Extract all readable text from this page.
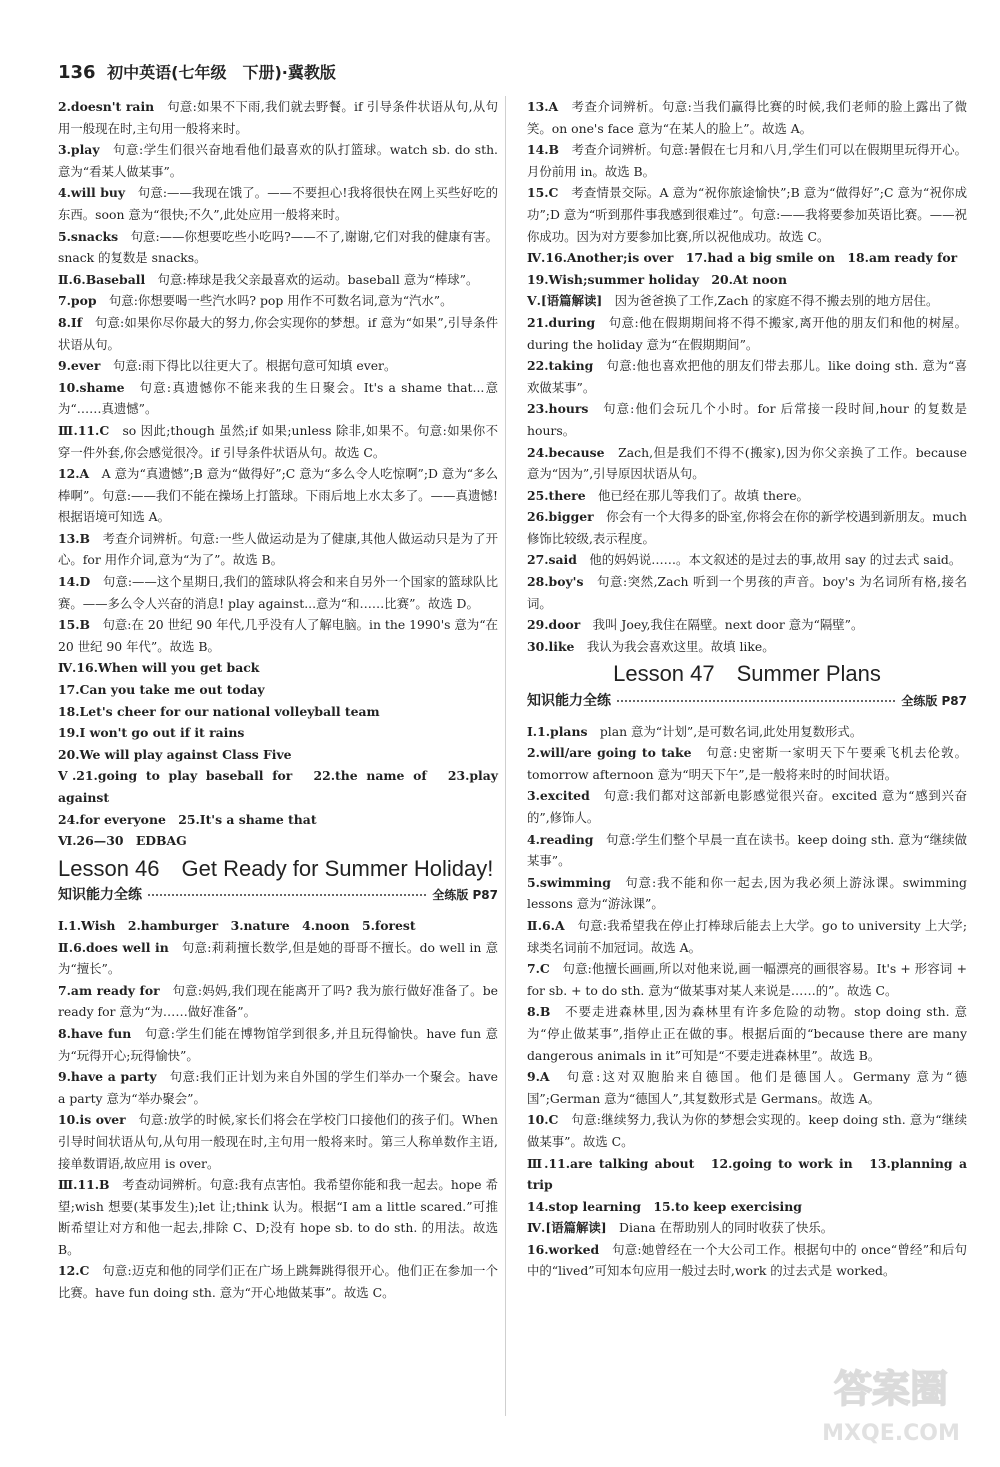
136 初中英语(七年级　下册)·冀教版

2.doesn't rain　句意:如果不下雨,我们就去野餐。if 引导条件状语从句,从句用一般现在时,主句用一般将来时。

3.play　句意:学生们很兴奋地看他们最喜欢的队打篮球。watch sb. do sth. 意为“看某人做某事”。

4.will buy　句意:——我现在饿了。——不要担心!我将很快在网上买些好吃的东西。soon 意为“很快;不久”,此处应用一般将来时。

5.snacks　句意:——你想要吃些小吃吗?——不了,谢谢,它们对我的健康有害。snack 的复数是 snacks。

Ⅱ.6.Baseball　句意:棒球是我父亲最喜欢的运动。baseball 意为“棒球”。

7.pop　句意:你想要喝一些汽水吗? pop 用作不可数名词,意为“汽水”。

8.If　句意:如果你尽你最大的努力,你会实现你的梦想。if 意为“如果”,引导条件状语从句。

9.ever　句意:雨下得比以往更大了。根据句意可知填 ever。

10.shame　句意:真遗憾你不能来我的生日聚会。It's a shame that...意为“……真遗憾”。

Ⅲ.11.C　so 因此;though 虽然;if 如果;unless 除非,如果不。句意:如果你不穿一件外套,你会感觉很冷。if 引导条件状语从句。故选 C。

12.A　A 意为“真遗憾”;B 意为“做得好”;C 意为“多么令人吃惊啊”;D 意为“多么棒啊”。句意:——我们不能在操场上打篮球。下雨后地上水太多了。——真遗憾! 根据语境可知选 A。

13.B　考查介词辨析。句意:一些人做运动是为了健康,其他人做运动只是为了开心。for 用作介词,意为“为了”。故选 B。

14.D　句意:——这个星期日,我们的篮球队将会和来自另外一个国家的篮球队比赛。——多么令人兴奋的消息! play against...意为“和……比赛”。故选 D。

15.B　句意:在 20 世纪 90 年代,几乎没有人了解电脑。in the 1990's 意为“在 20 世纪 90 年代”。故选 B。

Ⅳ.16.When will you get back

17.Can you take me out today

18.Let's cheer for our national volleyball team

19.I won't go out if it rains

20.We will play against Class Five

Ⅴ.21.going to play baseball for　22.the name of　23.play against

24.for everyone　25.It's a shame that

Ⅵ.26—30　EDBAG

Lesson 46　Get Ready for Summer Holiday!
知识能力全练	全练版 P87

Ⅰ.1.Wish　2.hamburger　3.nature　4.noon　5.forest

Ⅱ.6.does well in　句意:莉莉擅长数学,但是她的哥哥不擅长。do well in 意为“擅长”。

7.am ready for　句意:妈妈,我们现在能离开了吗? 我为旅行做好准备了。be ready for 意为“为……做好准备”。

8.have fun　句意:学生们能在博物馆学到很多,并且玩得愉快。have fun 意为“玩得开心;玩得愉快”。

9.have a party　句意:我们正计划为来自外国的学生们举办一个聚会。have a party 意为“举办聚会”。

10.is over　句意:放学的时候,家长们将会在学校门口接他们的孩子们。When 引导时间状语从句,从句用一般现在时,主句用一般将来时。第三人称单数作主语,接单数谓语,故应用 is over。

Ⅲ.11.B　考查动词辨析。句意:我有点害怕。我希望你能和我一起去。hope 希望;wish 想要(某事发生);let 让;think 认为。根据“I am a little scared.”可推断希望让对方和他一起去,排除 C、D;没有 hope sb. to do sth. 的用法。故选 B。

12.C　句意:迈克和他的同学们正在广场上跳舞跳得很开心。他们正在参加一个比赛。have fun doing sth. 意为“开心地做某事”。故选 C。

13.A　考查介词辨析。句意:当我们赢得比赛的时候,我们老师的脸上露出了微笑。on one's face 意为“在某人的脸上”。故选 A。

14.B　考查介词辨析。句意:暑假在七月和八月,学生们可以在假期里玩得开心。月份前用 in。故选 B。

15.C　考查情景交际。A 意为“祝你旅途愉快”;B 意为“做得好”;C 意为“祝你成功”;D 意为“听到那件事我感到很难过”。句意:——我将要参加英语比赛。——祝你成功。因为对方要参加比赛,所以祝他成功。故选 C。

Ⅳ.16.Another;is over　17.had a big smile on　18.am ready for

19.Wish;summer holiday　20.At noon

Ⅴ.[语篇解读]　因为爸爸换了工作,Zach 的家庭不得不搬去别的地方居住。

21.during　句意:他在假期期间将不得不搬家,离开他的朋友们和他的树屋。during the holiday 意为“在假期期间”。

22.taking　句意:他也喜欢把他的朋友们带去那儿。like doing sth. 意为“喜欢做某事”。

23.hours　句意:他们会玩几个小时。for 后常接一段时间,hour 的复数是 hours。

24.because　Zach,但是我们不得不(搬家),因为你父亲换了工作。because 意为“因为”,引导原因状语从句。

25.there　他已经在那儿等我们了。故填 there。

26.bigger　你会有一个大得多的卧室,你将会在你的新学校遇到新朋友。much 修饰比较级,表示程度。

27.said　他的妈妈说……。本文叙述的是过去的事,故用 say 的过去式 said。

28.boy's　句意:突然,Zach 听到一个男孩的声音。boy's 为名词所有格,接名词。

29.door　我叫 Joey,我住在隔壁。next door 意为“隔壁”。

30.like　我认为我会喜欢这里。故填 like。

Lesson 47　Summer Plans
知识能力全练	全练版 P87

Ⅰ.1.plans　plan 意为“计划”,是可数名词,此处用复数形式。

2.will/are going to take　句意:史密斯一家明天下午要乘飞机去伦敦。tomorrow afternoon 意为“明天下午”,是一般将来时的时间状语。

3.excited　句意:我们都对这部新电影感觉很兴奋。excited 意为“感到兴奋的”,修饰人。

4.reading　句意:学生们整个早晨一直在读书。keep doing sth. 意为“继续做某事”。

5.swimming　句意:我不能和你一起去,因为我必须上游泳课。swimming lessons 意为“游泳课”。

Ⅱ.6.A　句意:我希望我在停止打棒球后能去上大学。go to university 上大学;球类名词前不加冠词。故选 A。

7.C　句意:他擅长画画,所以对他来说,画一幅漂亮的画很容易。It's + 形容词 + for sb. + to do sth. 意为“做某事对某人来说是……的”。故选 C。

8.B　不要走进森林里,因为森林里有许多危险的动物。stop doing sth. 意为“停止做某事”,指停止正在做的事。根据后面的“because there are many dangerous animals in it”可知是“不要走进森林里”。故选 B。

9.A　句意:这对双胞胎来自德国。他们是德国人。Germany 意为“德国”;German 意为“德国人”,其复数形式是 Germans。故选 A。

10.C　句意:继续努力,我认为你的梦想会实现的。keep doing sth. 意为“继续做某事”。故选 C。

Ⅲ.11.are talking about　12.going to work in　13.planning a trip

14.stop learning　15.to keep exercising

Ⅳ.[语篇解读]　Diana 在帮助别人的同时收获了快乐。

16.worked　句意:她曾经在一个大公司工作。根据句中的 once“曾经”和后句中的“lived”可知本句应用一般过去时,work 的过去式是 worked。

答案圈
MXQE.COM
